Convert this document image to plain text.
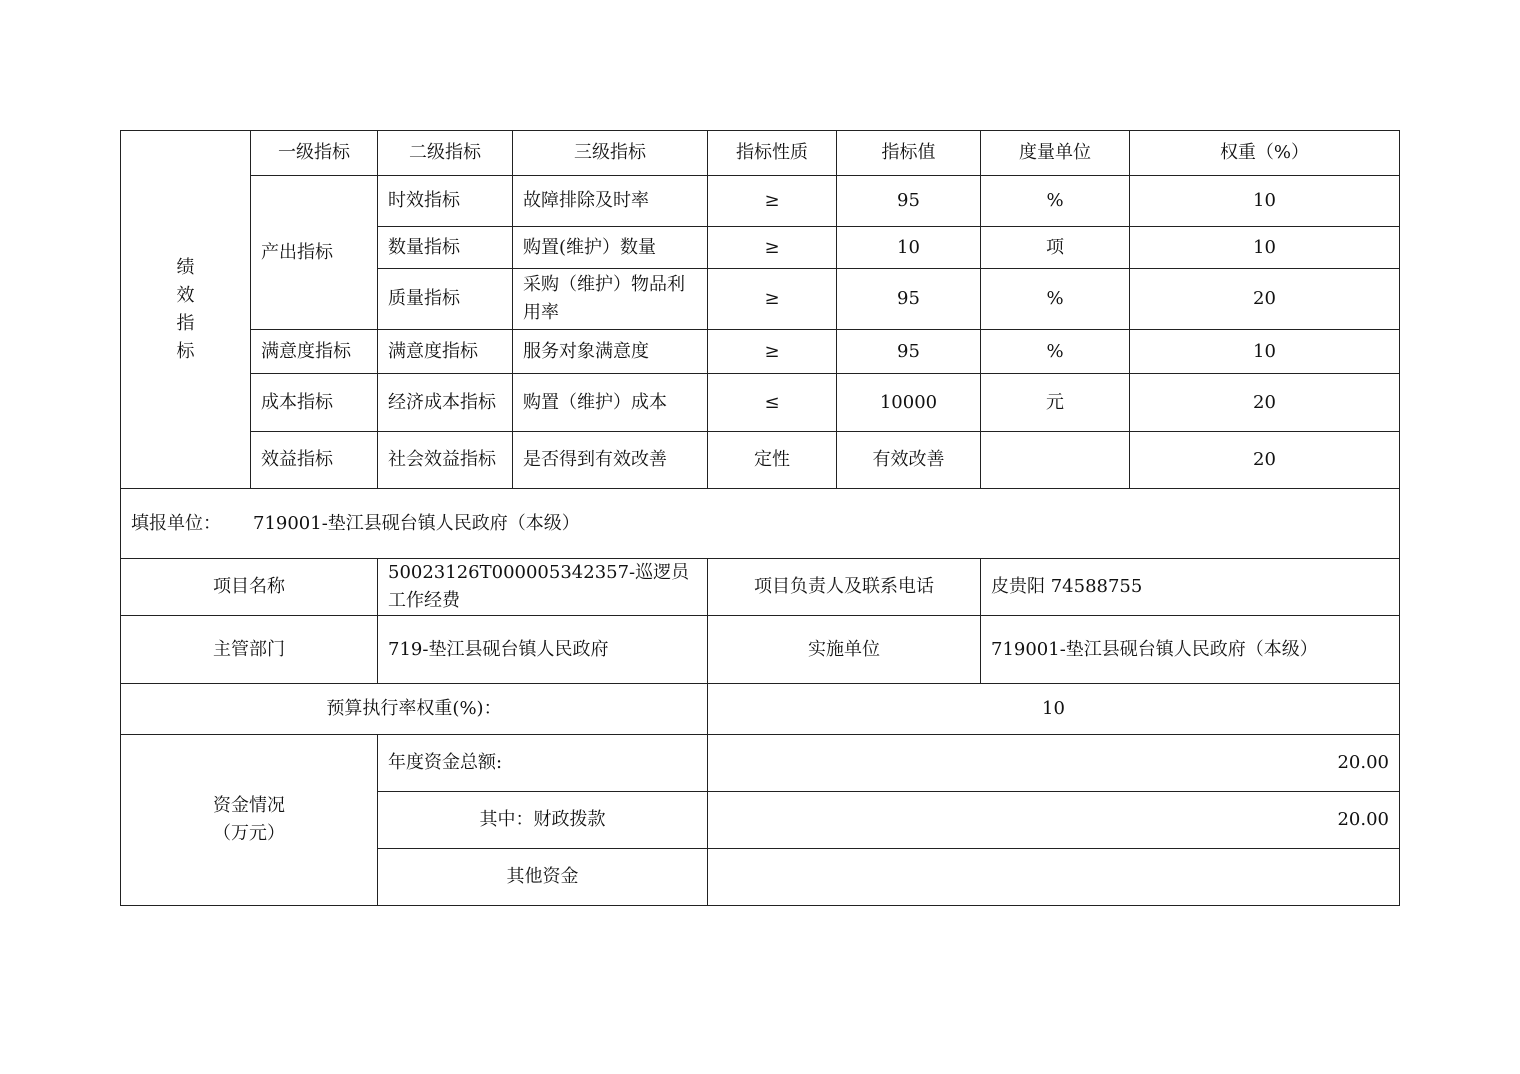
绩
效
指
标	一级指标	二级指标	三级指标	指标性质	指标值	度量单位	权重（%）
	产出指标	时效指标	故障排除及时率	≥	95	%	10
		数量指标	购置(维护）数量	≥	10	项	10
		质量指标	采购（维护）物品利用率	≥	95	%	20
	满意度指标	满意度指标	服务对象满意度	≥	95	%	10
	成本指标	经济成本指标	购置（维护）成本	≤	10000	元	20
	效益指标	社会效益指标	是否得到有效改善	定性	有效改善		20
填报单位： 719001-垫江县砚台镇人民政府（本级）							
项目名称		50023126T000005342357-巡逻员工作经费		项目负责人及联系电话		皮贵阳 74588755	
主管部门		719-垫江县砚台镇人民政府		实施单位		719001-垫江县砚台镇人民政府（本级）	
预算执行率权重(%)：				10			

资金情况
（万元）		年度资金总额:		20.00			
		其中：财政拨款		20.00			
		其他资金					
